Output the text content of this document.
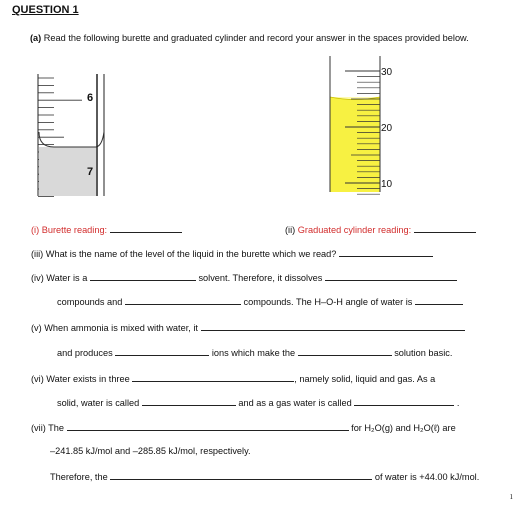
QUESTION 1
(a) Read the following burette and graduated cylinder and record your answer in the spaces provided below.
6
7
30
20
10
(i) Burette reading:	(ii) Graduated cylinder reading:
(iii) What is the name of the level of the liquid in the burette which we read?
(iv) Water is a	solvent. Therefore, it dissolves
compounds and	compounds. The H–O-H angle of water is
(v) When ammonia is mixed with water, it
and produces	ions which make the	solution basic.
(vi) Water exists in three	, namely solid, liquid and gas. As a
solid, water is called	and as a gas water is called	.
(vii) The	for H₂O(g) and H₂O(ℓ) are
–241.85 kJ/mol and –285.85 kJ/mol, respectively.
Therefore, the	of water is +44.00 kJ/mol.
1
